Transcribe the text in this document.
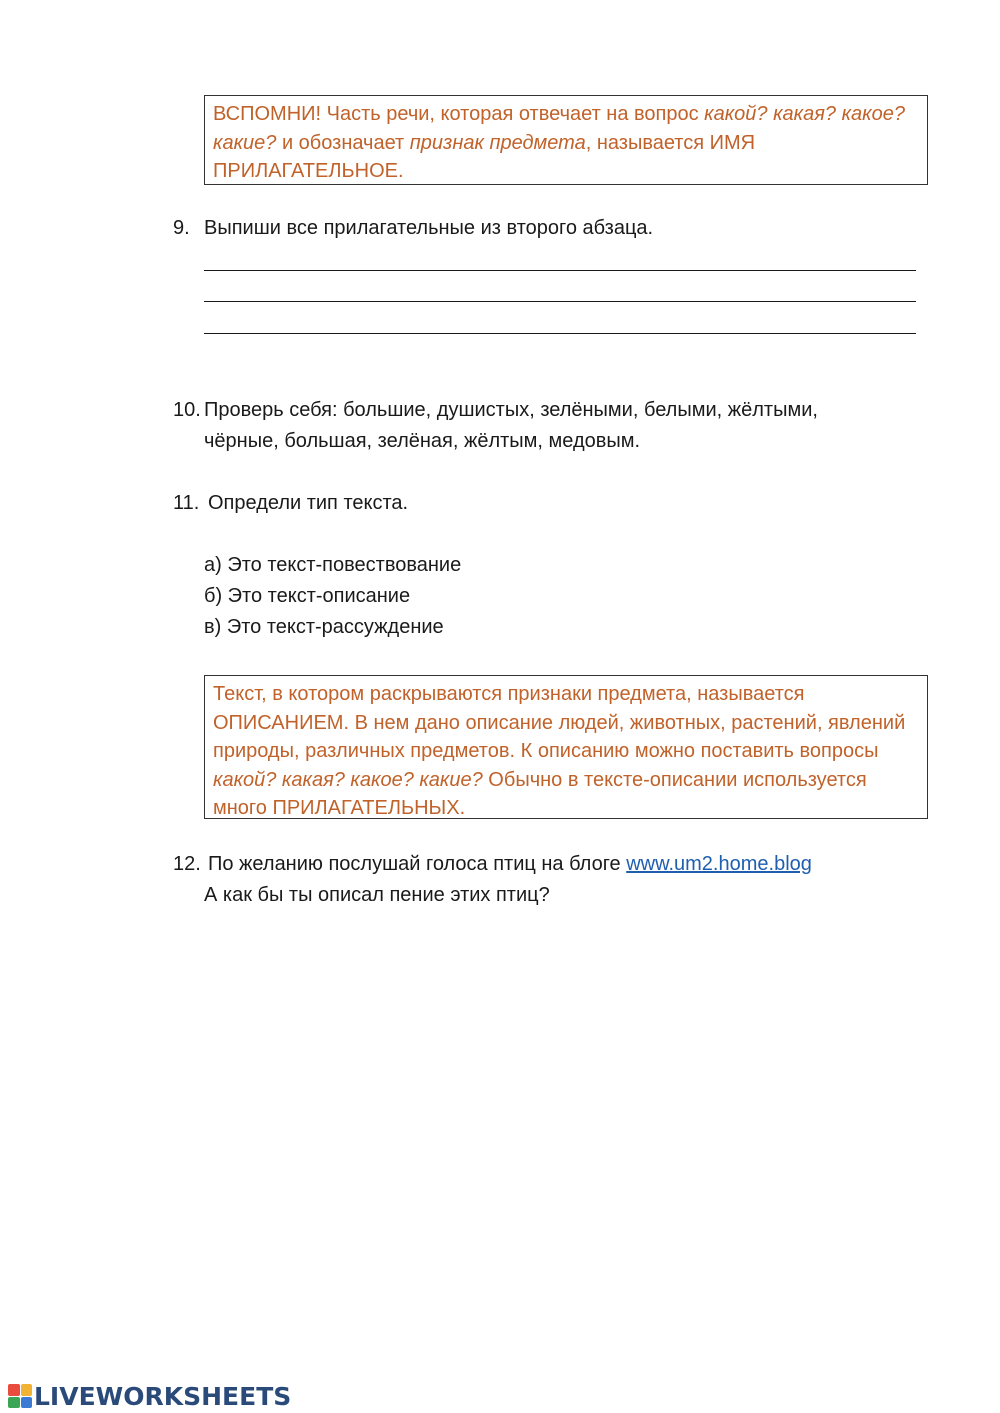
ВСПОМНИ! Часть речи, которая отвечает на вопрос какой? какая? какое? какие? и обозначает признак предмета, называется ИМЯ ПРИЛАГАТЕЛЬНОЕ.
9. Выпиши все прилагательные из второго абзаца.
10. Проверь себя: большие, душистых, зелёными, белыми, жёлтыми,
чёрные, большая, зелёная, жёлтым, медовым.
11. Определи тип текста.
а) Это текст-повествование
б) Это текст-описание
в) Это текст-рассуждение
Текст, в котором раскрываются признаки предмета, называется ОПИСАНИЕМ. В нем дано описание людей, животных, растений, явлений природы, различных предметов. К описанию можно поставить вопросы какой? какая? какое? какие? Обычно в тексте-описании используется много ПРИЛАГАТЕЛЬНЫХ.
12. По желанию послушай голоса птиц на блоге www.um2.home.blog
А как бы ты описал пение этих птиц?
LIVEWORKSHEETS
